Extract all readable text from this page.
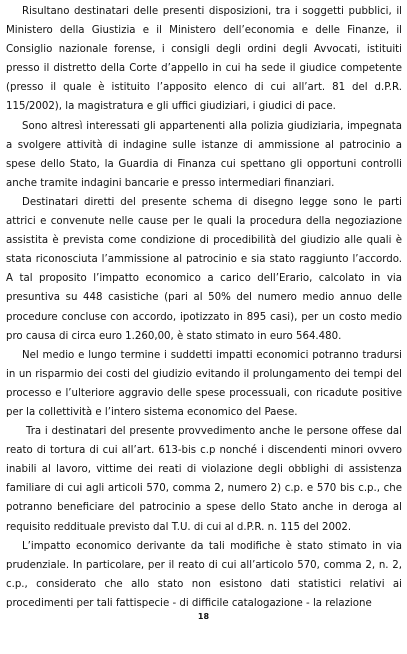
Risultano destinatari delle presenti disposizioni, tra i soggetti pubblici, il Ministero della Giustizia e il Ministero dell’economia e delle Finanze, il Consiglio nazionale forense, i consigli degli ordini degli Avvocati, istituiti presso il distretto della Corte d’appello in cui ha sede il giudice competente (presso il quale è istituito l’apposito elenco di cui all’art. 81 del d.P.R. 115/2002), la magistratura e gli uffici giudiziari, i giudici di pace.

Sono altresì interessati gli appartenenti alla polizia giudiziaria, impegnata a svolgere attività di indagine sulle istanze di ammissione al patrocinio a spese dello Stato, la Guardia di Finanza cui spettano gli opportuni controlli anche tramite indagini bancarie e presso intermediari finanziari.

Destinatari diretti del presente schema di disegno legge sono le parti attrici e convenute nelle cause per le quali la procedura della negoziazione assistita è prevista come condizione di procedibilità del giudizio alle quali è stata riconosciuta l’ammissione al patrocinio e sia stato raggiunto l’accordo. A tal proposito l’impatto economico a carico dell’Erario, calcolato in via presuntiva su 448 casistiche (pari al 50% del numero medio annuo delle procedure concluse con accordo, ipotizzato in 895 casi), per un costo medio pro causa di circa euro 1.260,00, è stato stimato in euro 564.480.

Nel medio e lungo termine i suddetti impatti economici potranno tradursi in un risparmio dei costi del giudizio evitando il prolungamento dei tempi del processo e l’ulteriore aggravio delle spese processuali, con ricadute positive per la collettività e l’intero sistema economico del Paese.

Tra i destinatari del presente provvedimento anche le persone offese dal reato di tortura di cui all’art. 613-bis c.p nonché i discendenti minori ovvero inabili al lavoro, vittime dei reati di violazione degli obblighi di assistenza familiare di cui agli articoli 570, comma 2, numero 2) c.p. e 570 bis c.p., che potranno beneficiare del patrocinio a spese dello Stato anche in deroga al requisito reddituale previsto dal T.U. di cui al d.P.R. n. 115 del 2002.

L’impatto economico derivante da tali modifiche è stato stimato in via prudenziale. In particolare, per il reato di cui all’articolo 570, comma 2, n. 2, c.p., considerato che allo stato non esistono dati statistici relativi ai procedimenti per tali fattispecie - di difficile catalogazione - la relazione

18
